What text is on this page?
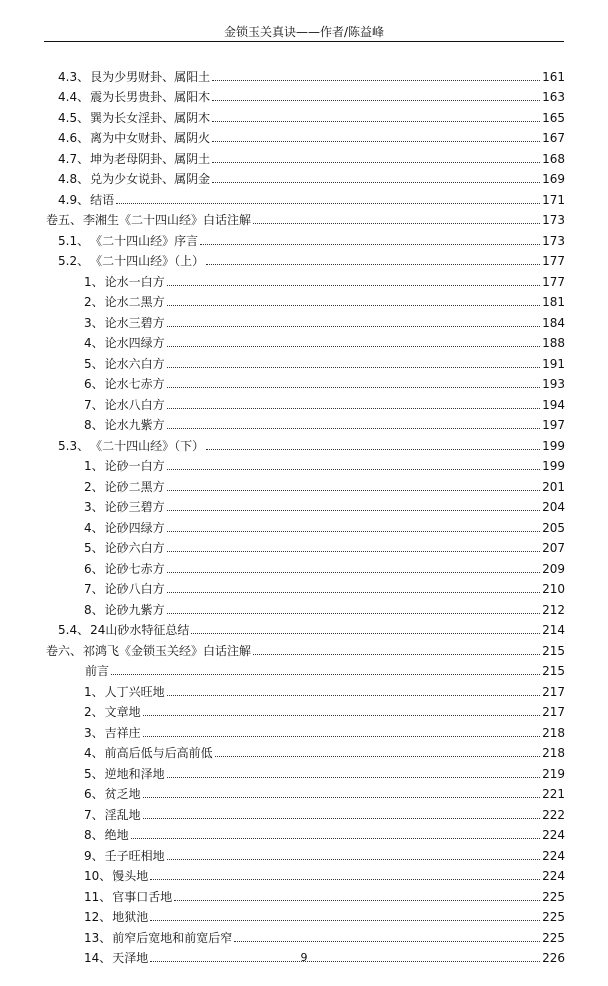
金锁玉关真诀——作者/陈益峰
4.3、 艮为少男财卦、属阳土	161
4.4、 震为长男贵卦、属阳木	163
4.5、 巽为长女淫卦、属阴木	165
4.6、 离为中女财卦、属阴火	167
4.7、 坤为老母阴卦、属阴土	168
4.8、 兑为少女说卦、属阴金	169
4.9、 结语	171
卷五、 李湘生《二十四山经》白话注解	173
5.1、 《二十四山经》序言	173
5.2、 《二十四山经》（上）	177
1、 论水一白方	177
2、 论水二黑方	181
3、 论水三碧方	184
4、 论水四绿方	188
5、 论水六白方	191
6、 论水七赤方	193
7、 论水八白方	194
8、 论水九紫方	197
5.3、 《二十四山经》（下）	199
1、 论砂一白方	199
2、 论砂二黑方	201
3、 论砂三碧方	204
4、 论砂四绿方	205
5、 论砂六白方	207
6、 论砂七赤方	209
7、 论砂八白方	210
8、 论砂九紫方	212
5.4、 24山砂水特征总结	214
卷六、 祁鸿飞《金锁玉关经》白话注解	215
前言	215
1、 人丁兴旺地	217
2、 文章地	217
3、 吉祥庄	218
4、 前高后低与后高前低	218
5、 逆地和泽地	219
6、 贫乏地	221
7、 淫乱地	222
8、 绝地	224
9、 壬子旺相地	224
10、 馒头地	224
11、 官事口舌地	225
12、 地狱池	225
13、 前窄后宽地和前宽后窄	225
14、 天泽地	226
9
